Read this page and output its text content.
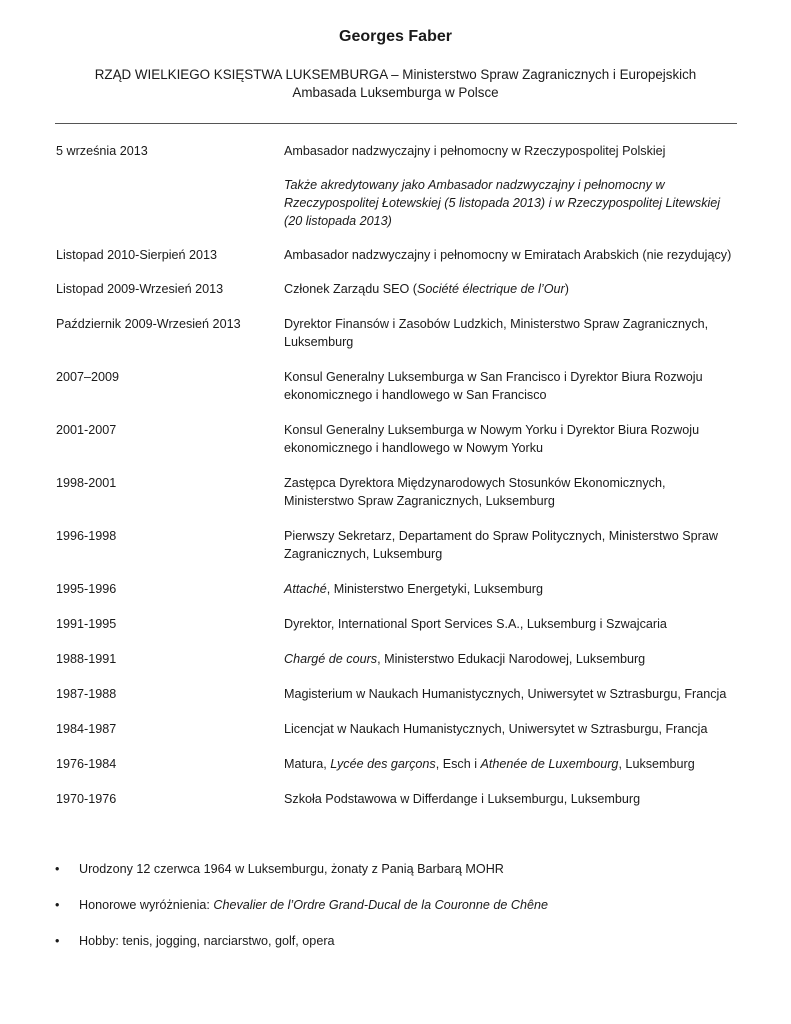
Georges Faber
RZĄD WIELKIEGO KSIĘSTWA LUKSEMBURGA – Ministerstwo Spraw Zagranicznych i Europejskich
Ambasada Luksemburga w Polsce
5 września 2013	Ambasador nadzwyczajny i pełnomocny w Rzeczypospolitej Polskiej
Także akredytowany jako Ambasador nadzwyczajny i pełnomocny w Rzeczypospolitej Łotewskiej (5 listopada 2013) i w Rzeczypospolitej Litewskiej (20 listopada 2013)
Listopad 2010-Sierpień 2013	Ambasador nadzwyczajny i pełnomocny w Emiratach Arabskich (nie rezydujący)
Listopad 2009-Wrzesień 2013	Członek Zarządu SEO (Société électrique de l’Our)
Październik 2009-Wrzesień 2013	Dyrektor Finansów i Zasobów Ludzkich, Ministerstwo Spraw Zagranicznych, Luksemburg
2007–2009	Konsul Generalny Luksemburga w San Francisco i Dyrektor Biura Rozwoju ekonomicznego i handlowego w San Francisco
2001-2007	Konsul Generalny Luksemburga w Nowym Yorku i Dyrektor Biura Rozwoju ekonomicznego i handlowego w Nowym Yorku
1998-2001	Zastępca Dyrektora Międzynarodowych Stosunków Ekonomicznych, Ministerstwo Spraw Zagranicznych, Luksemburg
1996-1998	Pierwszy Sekretarz, Departament do Spraw Politycznych, Ministerstwo Spraw Zagranicznych, Luksemburg
1995-1996	Attaché, Ministerstwo Energetyki, Luksemburg
1991-1995	Dyrektor, International Sport Services S.A., Luksemburg i Szwajcaria
1988-1991	Chargé de cours, Ministerstwo Edukacji Narodowej, Luksemburg
1987-1988	Magisterium w Naukach Humanistycznych, Uniwersytet w Sztrasburgu, Francja
1984-1987	Licencjat w Naukach Humanistycznych, Uniwersytet w Sztrasburgu, Francja
1976-1984	Matura, Lycée des garçons, Esch i Athenée de Luxembourg, Luksemburg
1970-1976	Szkoła Podstawowa w Differdange i Luksemburgu, Luksemburg
• Urodzony 12 czerwca 1964 w Luksemburgu, żonaty z Panią Barbarą MOHR
• Honorowe wyróżnienia: Chevalier de l’Ordre Grand-Ducal de la Couronne de Chêne
• Hobby: tenis, jogging, narciarstwo, golf, opera
